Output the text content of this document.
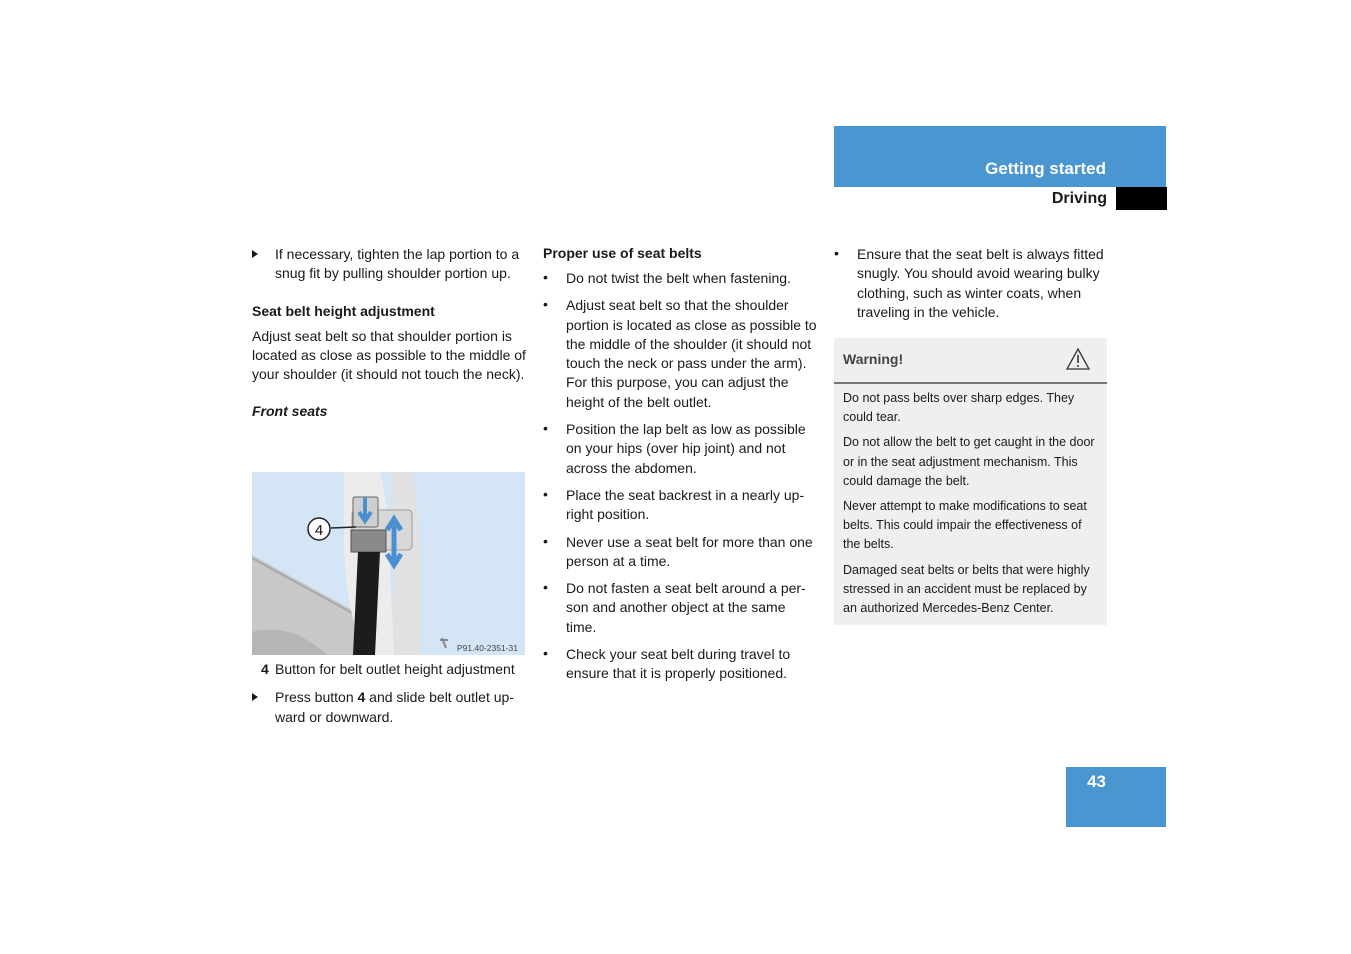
Getting started
Driving

If necessary, tighten the lap portion to a snug fit by pulling shoulder portion up.

Seat belt height adjustment

Adjust seat belt so that shoulder portion is located as close as possible to the middle of your shoulder (it should not touch the neck).

Front seats

4
P91.40-2351-31

4 Button for belt outlet height adjustment

Press button 4 and slide belt outlet upward or downward.

Proper use of seat belts

•	Do not twist the belt when fastening.

•	Adjust seat belt so that the shoulder portion is located as close as possible to the middle of the shoulder (it should not touch the neck or pass under the arm). For this purpose, you can adjust the height of the belt outlet.

•	Position the lap belt as low as possible on your hips (over hip joint) and not across the abdomen.

•	Place the seat backrest in a nearly upright position.

•	Never use a seat belt for more than one person at a time.

•	Do not fasten a seat belt around a person and another object at the same time.

•	Check your seat belt during travel to ensure that it is properly positioned.

•	Ensure that the seat belt is always fitted snugly. You should avoid wearing bulky clothing, such as winter coats, when traveling in the vehicle.

Warning!

Do not pass belts over sharp edges. They could tear.

Do not allow the belt to get caught in the door or in the seat adjustment mechanism. This could damage the belt.

Never attempt to make modifications to seat belts. This could impair the effectiveness of the belts.

Damaged seat belts or belts that were highly stressed in an accident must be replaced by an authorized Mercedes-Benz Center.

43
